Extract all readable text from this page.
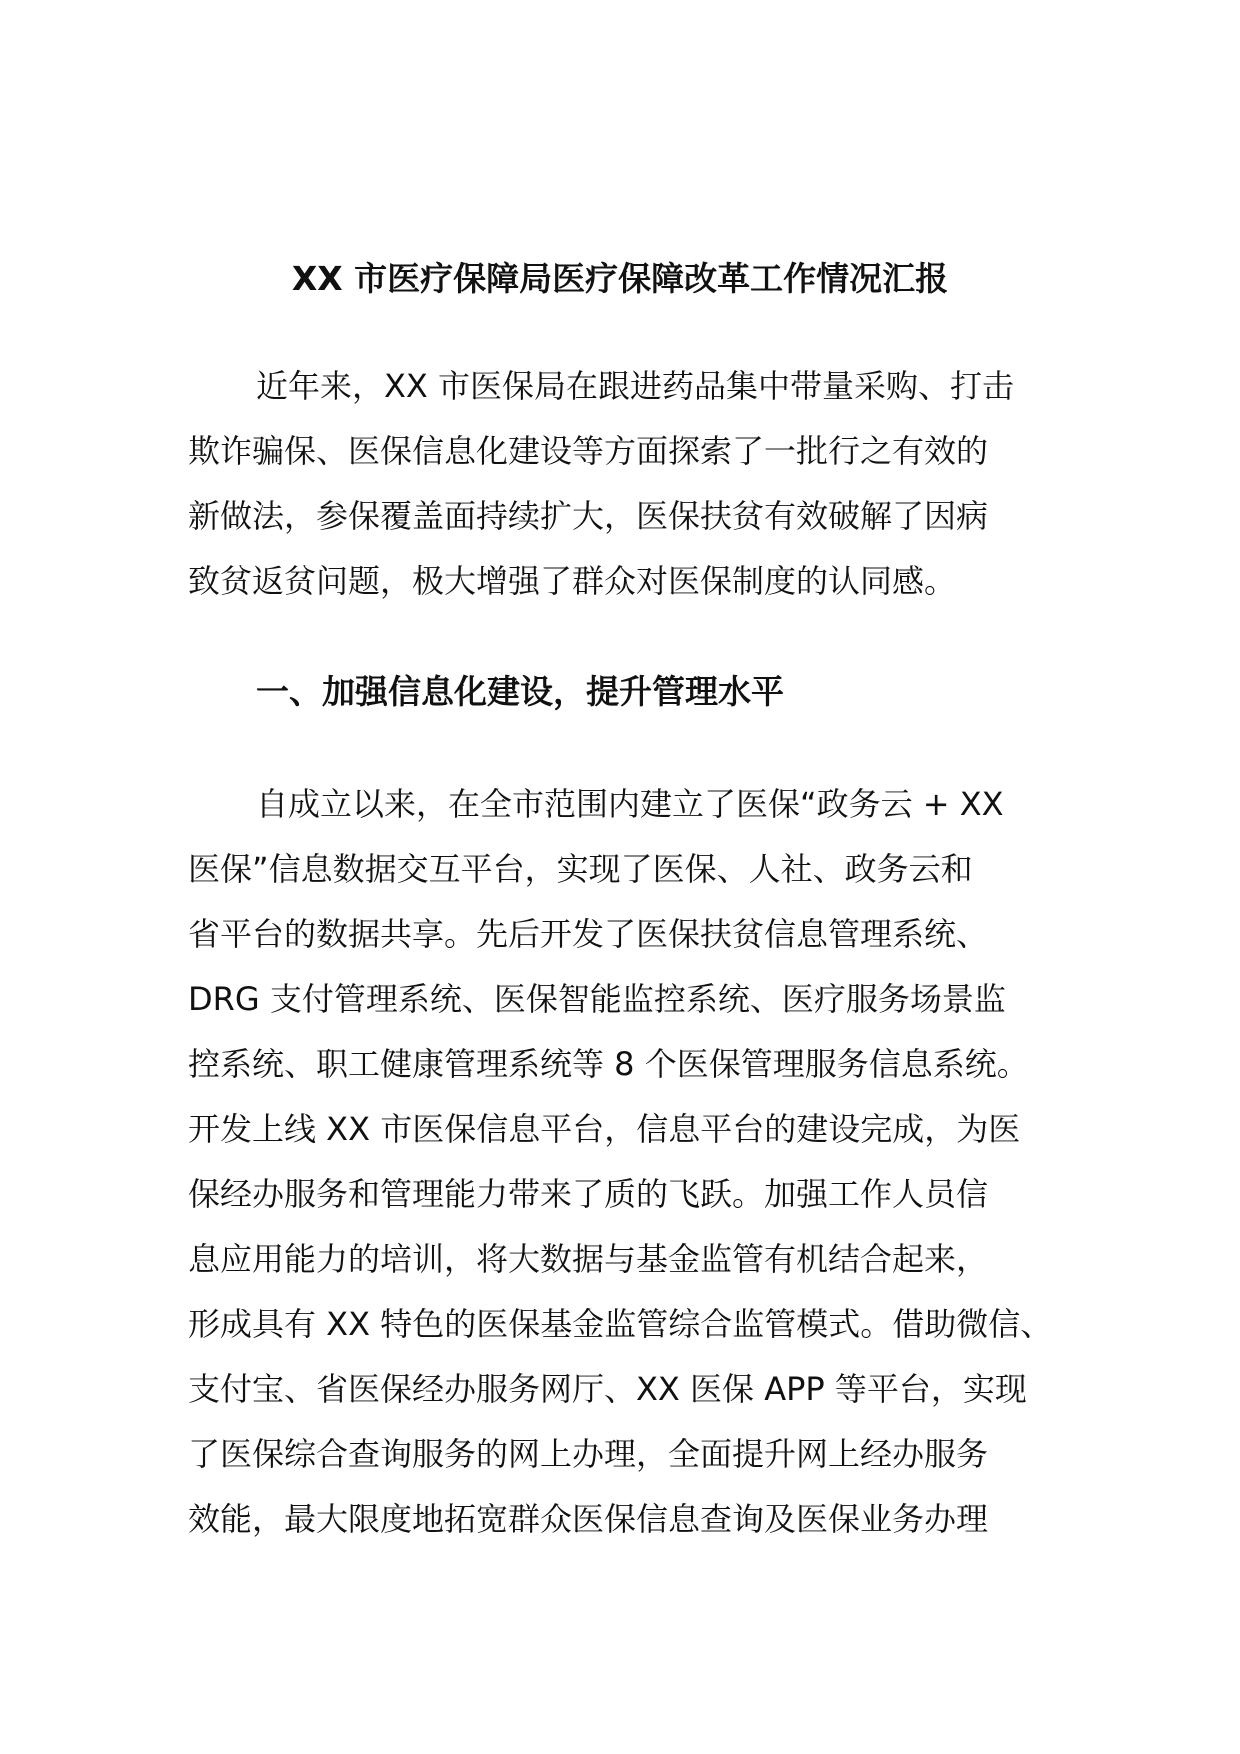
XX 市医疗保障局医疗保障改革工作情况汇报
近年来，XX 市医保局在跟进药品集中带量采购、打击
欺诈骗保、医保信息化建设等方面探索了一批行之有效的
新做法，参保覆盖面持续扩大，医保扶贫有效破解了因病
致贫返贫问题，极大增强了群众对医保制度的认同感。
一、加强信息化建设，提升管理水平
自成立以来，在全市范围内建立了医保“政务云 + XX
医保”信息数据交互平台，实现了医保、人社、政务云和
省平台的数据共享。先后开发了医保扶贫信息管理系统、
DRG 支付管理系统、医保智能监控系统、医疗服务场景监
控系统、职工健康管理系统等 8 个医保管理服务信息系统。
开发上线 XX 市医保信息平台，信息平台的建设完成，为医
保经办服务和管理能力带来了质的飞跃。加强工作人员信
息应用能力的培训，将大数据与基金监管有机结合起来，
形成具有 XX 特色的医保基金监管综合监管模式。借助微信、
支付宝、省医保经办服务网厅、XX 医保 APP 等平台，实现
了医保综合查询服务的网上办理，全面提升网上经办服务
效能，最大限度地拓宽群众医保信息查询及医保业务办理
